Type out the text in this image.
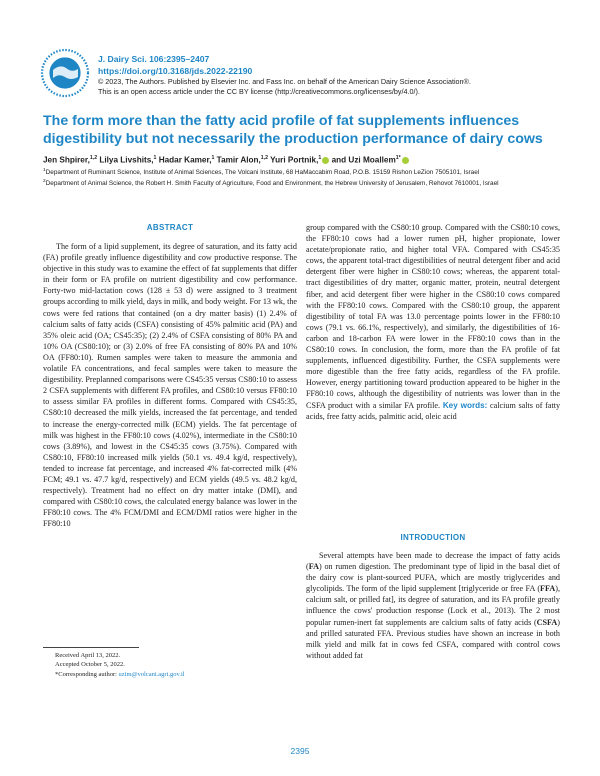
J. Dairy Sci. 106:2395–2407
https://doi.org/10.3168/jds.2022-22190
© 2023, The Authors. Published by Elsevier Inc. and Fass Inc. on behalf of the American Dairy Science Association®.
This is an open access article under the CC BY license (http://creativecommons.org/licenses/by/4.0/).
The form more than the fatty acid profile of fat supplements influences digestibility but not necessarily the production performance of dairy cows
Jen Shpirer,$^{1,2}$ Lilya Livshits,$^1$ Hadar Kamer,$^1$ Tamir Alon,$^{1,2}$ Yuri Portnik,$^1$ and Uzi Moallem$^{1*}$
$^1$Department of Ruminant Science, Institute of Animal Sciences, The Volcani Institute, 68 HaMaccabim Road, P.O.B. 15159 Rishon LeZion 7505101, Israel
$^2$Department of Animal Science, the Robert H. Smith Faculty of Agriculture, Food and Environment, the Hebrew University of Jerusalem, Rehovot 7610001, Israel
ABSTRACT
The form of a lipid supplement, its degree of saturation, and its fatty acid (FA) profile greatly influence digestibility and cow productive response. The objective in this study was to examine the effect of fat supplements that differ in their form or FA profile on nutrient digestibility and cow performance. Forty-two mid-lactation cows (128 ± 53 d) were assigned to 3 treatment groups according to milk yield, days in milk, and body weight. For 13 wk, the cows were fed rations that contained (on a dry matter basis) (1) 2.4% of calcium salts of fatty acids (CSFA) consisting of 45% palmitic acid (PA) and 35% oleic acid (OA; CS45:35); (2) 2.4% of CSFA consisting of 80% PA and 10% OA (CS80:10); or (3) 2.0% of free FA consisting of 80% PA and 10% OA (FF80:10). Rumen samples were taken to measure the ammonia and volatile FA concentrations, and fecal samples were taken to measure the digestibility. Preplanned comparisons were CS45:35 versus CS80:10 to assess 2 CSFA supplements with different FA profiles, and CS80:10 versus FF80:10 to assess similar FA profiles in different forms. Compared with CS45:35, CS80:10 decreased the milk yields, increased the fat percentage, and tended to increase the energy-corrected milk (ECM) yields. The fat percentage of milk was highest in the FF80:10 cows (4.02%), intermediate in the CS80:10 cows (3.89%), and lowest in the CS45:35 cows (3.75%). Compared with CS80:10, FF80:10 increased milk yields (50.1 vs. 49.4 kg/d, respectively), tended to increase fat percentage, and increased 4% fat-corrected milk (4% FCM; 49.1 vs. 47.7 kg/d, respectively) and ECM yields (49.5 vs. 48.2 kg/d, respectively). Treatment had no effect on dry matter intake (DMI), and compared with CS80:10 cows, the calculated energy balance was lower in the FF80:10 cows. The 4% FCM/DMI and ECM/DMI ratios were higher in the FF80:10
group compared with the CS80:10 group. Compared with the CS80:10 cows, the FF80:10 cows had a lower rumen pH, higher propionate, lower acetate/propionate ratio, and higher total VFA. Compared with CS45:35 cows, the apparent total-tract digestibilities of neutral detergent fiber and acid detergent fiber were higher in CS80:10 cows; whereas, the apparent total-tract digestibilities of dry matter, organic matter, protein, neutral detergent fiber, and acid detergent fiber were higher in the CS80:10 cows compared with the FF80:10 cows. Compared with the CS80:10 group, the apparent digestibility of total FA was 13.0 percentage points lower in the FF80:10 cows (79.1 vs. 66.1%, respectively), and similarly, the digestibilities of 16-carbon and 18-carbon FA were lower in the FF80:10 cows than in the CS80:10 cows. In conclusion, the form, more than the FA profile of fat supplements, influenced digestibility. Further, the CSFA supplements were more digestible than the free fatty acids, regardless of the FA profile. However, energy partitioning toward production appeared to be higher in the FF80:10 cows, although the digestibility of nutrients was lower than in the CSFA product with a similar FA profile. Key words: calcium salts of fatty acids, free fatty acids, palmitic acid, oleic acid
INTRODUCTION
Several attempts have been made to decrease the impact of fatty acids (FA) on rumen digestion. The predominant type of lipid in the basal diet of the dairy cow is plant-sourced PUFA, which are mostly triglycerides and glycolipids. The form of the lipid supplement [triglyceride or free FA (FFA), calcium salt, or prilled fat], its degree of saturation, and its FA profile greatly influence the cows' production response (Lock et al., 2013). The 2 most popular rumen-inert fat supplements are calcium salts of fatty acids (CSFA) and prilled saturated FFA. Previous studies have shown an increase in both milk yield and milk fat in cows fed CSFA, compared with control cows without added fat
Received April 13, 2022.
Accepted October 5, 2022.
*Corresponding author: uzim@volcani.agri.gov.il
2395
